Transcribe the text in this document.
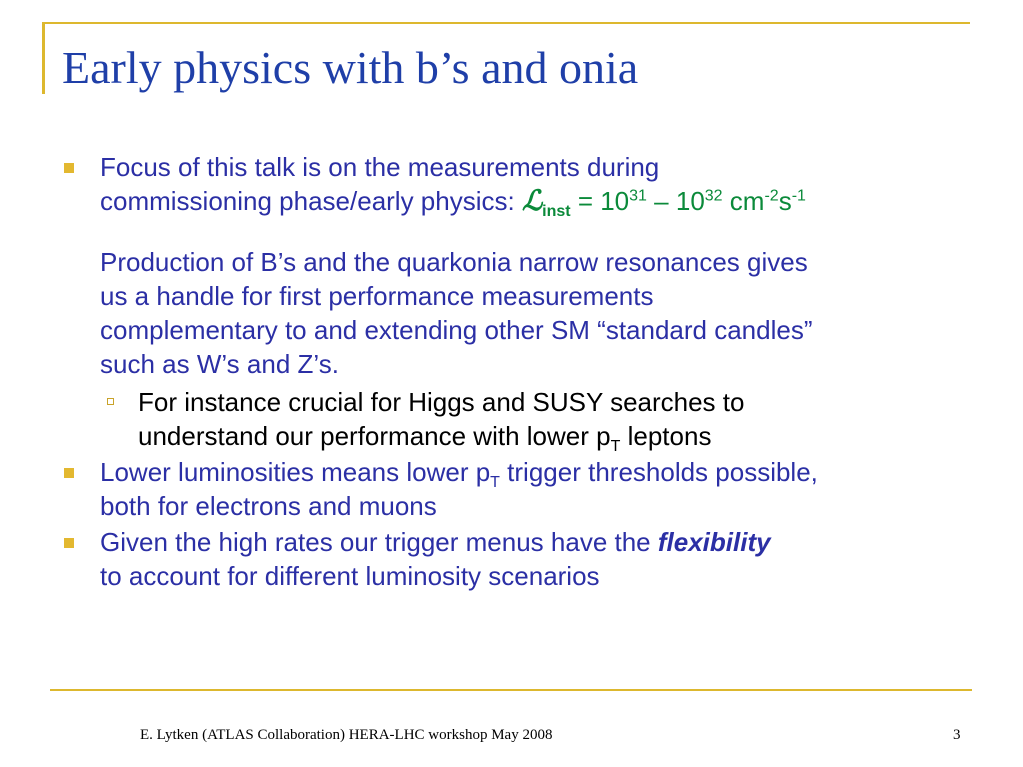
Early physics with b’s and onia
Focus of this talk is on the measurements during
commissioning phase/early physics: ℒ$_{inst}$ = $10^{31} - 10^{32}$ $cm^{-2}s^{-1}$
Production of B’s and the quarkonia narrow resonances gives
us a handle for first performance measurements
complementary to and extending other SM “standard candles”
such as W’s and Z’s.
For instance crucial for Higgs and SUSY searches to
understand our performance with lower $p_T$ leptons
Lower luminosities means lower $p_T$ trigger thresholds possible,
both for electrons and muons
Given the high rates our trigger menus have the flexibility
to account for different luminosity scenarios
E. Lytken (ATLAS Collaboration) HERA-LHC workshop May 2008	3
